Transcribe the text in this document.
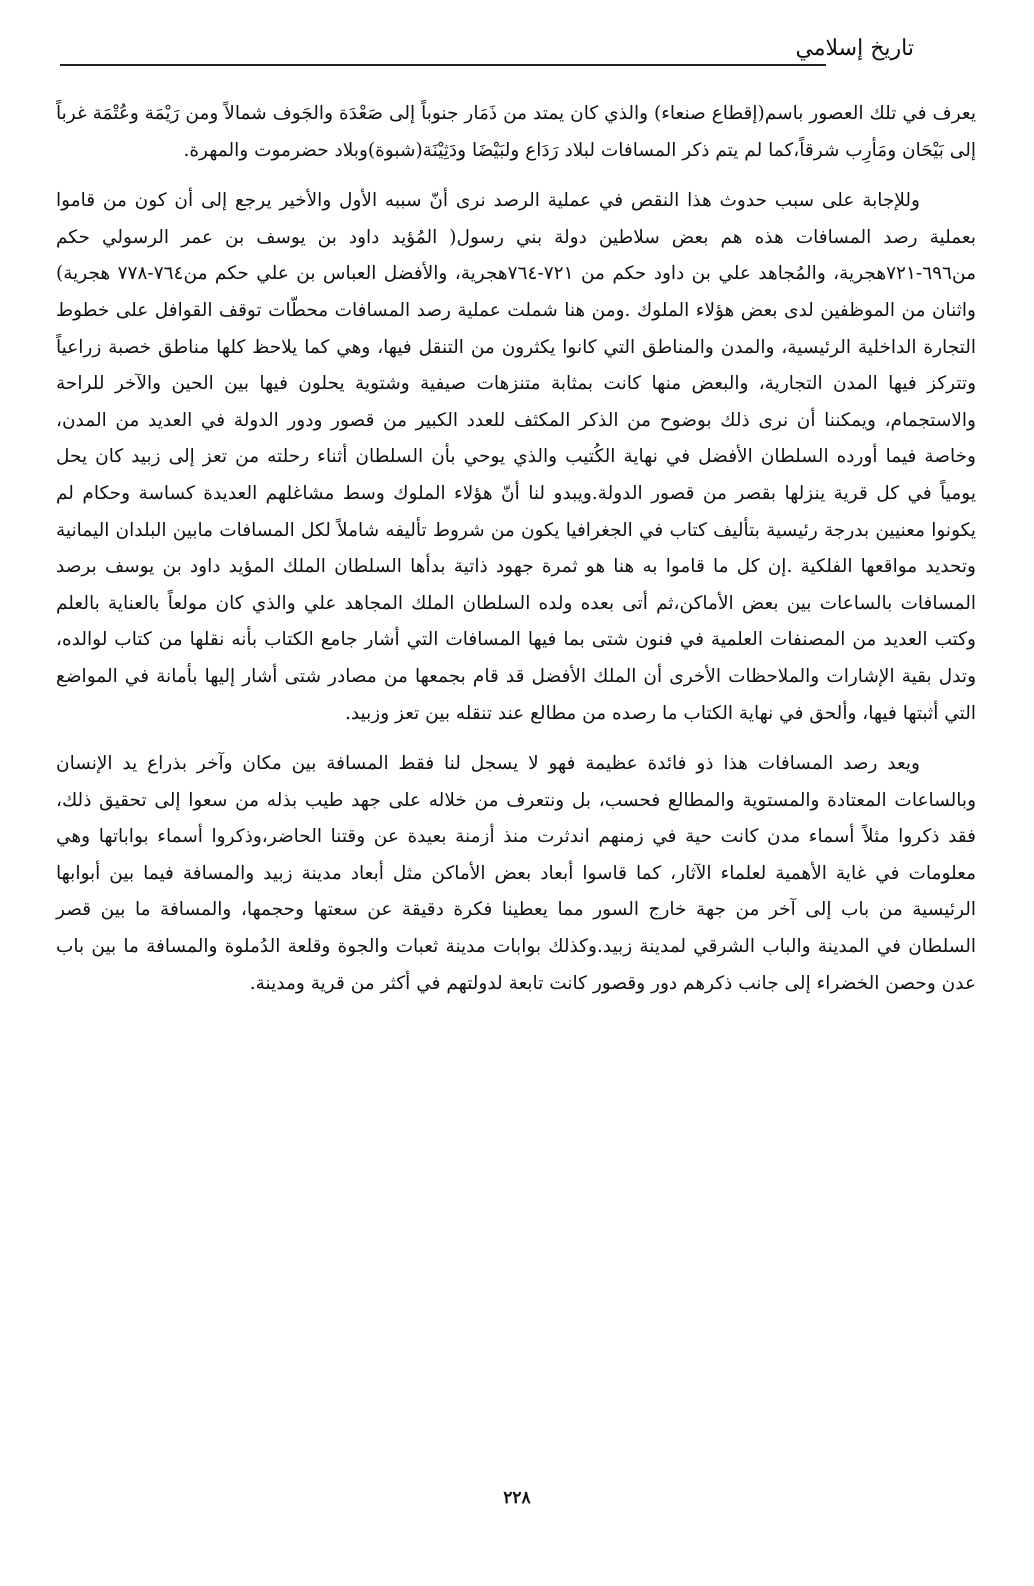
تاريخ إسلامي

يعرف في تلك العصور باسم(إقطاع صنعاء) والذي كان يمتد من ذَمَار جنوباً إلى صَعْدَة والجَوف شمالاً ومن رَيْمَة وعُتْمَة غرباً إلى بَيْحَان ومَأرِب شرقاً،كما لم يتم ذكر المسافات لبلاد رَدَاع ولبَيْضَا ودَثِيْنَة(شبوة)وبلاد حضرموت والمهرة.

وللإجابة على سبب حدوث هذا النقص في عملية الرصد نرى أنّ سببه الأول والأخير يرجع إلى أن كون من قاموا بعملية رصد المسافات هذه هم بعض سلاطين دولة بني رسول( المُؤيد داود بن يوسف بن عمر الرسولي حكم من٦٩٦-٧٢١هجرية، والمُجاهد علي بن داود حكم من ٧٢١-٧٦٤هجرية، والأفضل العباس بن علي حكم من٧٦٤-٧٧٨ هجرية) واثنان من الموظفين لدى بعض هؤلاء الملوك .ومن هنا شملت عملية رصد المسافات محطّات توقف القوافل على خطوط التجارة الداخلية الرئيسية، والمدن والمناطق التي كانوا يكثرون من التنقل فيها، وهي كما يلاحظ كلها مناطق خصبة زراعياً وتتركز فيها المدن التجارية، والبعض منها كانت بمثابة متنزهات صيفية وشتوية يحلون فيها بين الحين والآخر للراحة والاستجمام، ويمكننا أن نرى ذلك بوضوح من الذكر المكثف للعدد الكبير من قصور ودور الدولة في العديد من المدن، وخاصة فيما أورده السلطان الأفضل في نهاية الكُتيب والذي يوحي بأن السلطان أثناء رحلته من تعز إلى زبيد كان يحل يومياً في كل قرية ينزلها بقصر من قصور الدولة.ويبدو لنا أنّ هؤلاء الملوك وسط مشاغلهم العديدة كساسة وحكام لم يكونوا معنيين بدرجة رئيسية بتأليف كتاب في الجغرافيا يكون من شروط تأليفه شاملاً لكل المسافات مابين البلدان اليمانية وتحديد مواقعها الفلكية .إن كل ما قاموا به هنا هو ثمرة جهود ذاتية بدأها السلطان الملك المؤيد داود بن يوسف برصد المسافات بالساعات بين بعض الأماكن،ثم أتى بعده ولده السلطان الملك المجاهد علي والذي كان مولعاً بالعناية بالعلم وكتب العديد من المصنفات العلمية في فنون شتى بما فيها المسافات التي أشار جامع الكتاب بأنه نقلها من كتاب لوالده، وتدل بقية الإشارات والملاحظات الأخرى أن الملك الأفضل قد قام بجمعها من مصادر شتى أشار إليها بأمانة في المواضع التي أثبتها فيها، وألحق في نهاية الكتاب ما رصده من مطالع عند تنقله بين تعز وزبيد.

ويعد رصد المسافات هذا ذو فائدة عظيمة فهو لا يسجل لنا فقط المسافة بين مكان وآخر بذراع يد الإنسان وبالساعات المعتادة والمستوية والمطالع فحسب، بل ونتعرف من خلاله على جهد طيب بذله من سعوا إلى تحقيق ذلك، فقد ذكروا مثلاً أسماء مدن كانت حية في زمنهم اندثرت منذ أزمنة بعيدة عن وقتنا الحاضر،وذكروا أسماء بواباتها وهي معلومات في غاية الأهمية لعلماء الآثار، كما قاسوا أبعاد بعض الأماكن مثل أبعاد مدينة زبيد والمسافة فيما بين أبوابها الرئيسية من باب إلى آخر من جهة خارج السور مما يعطينا فكرة دقيقة عن سعتها وحجمها، والمسافة ما بين قصر السلطان في المدينة والباب الشرقي لمدينة زبيد.وكذلك بوابات مدينة ثعبات والجوة وقلعة الدُملوة والمسافة ما بين باب عدن وحصن الخضراء إلى جانب ذكرهم دور وقصور كانت تابعة لدولتهم في أكثر من قرية ومدينة.

٢٢٨
